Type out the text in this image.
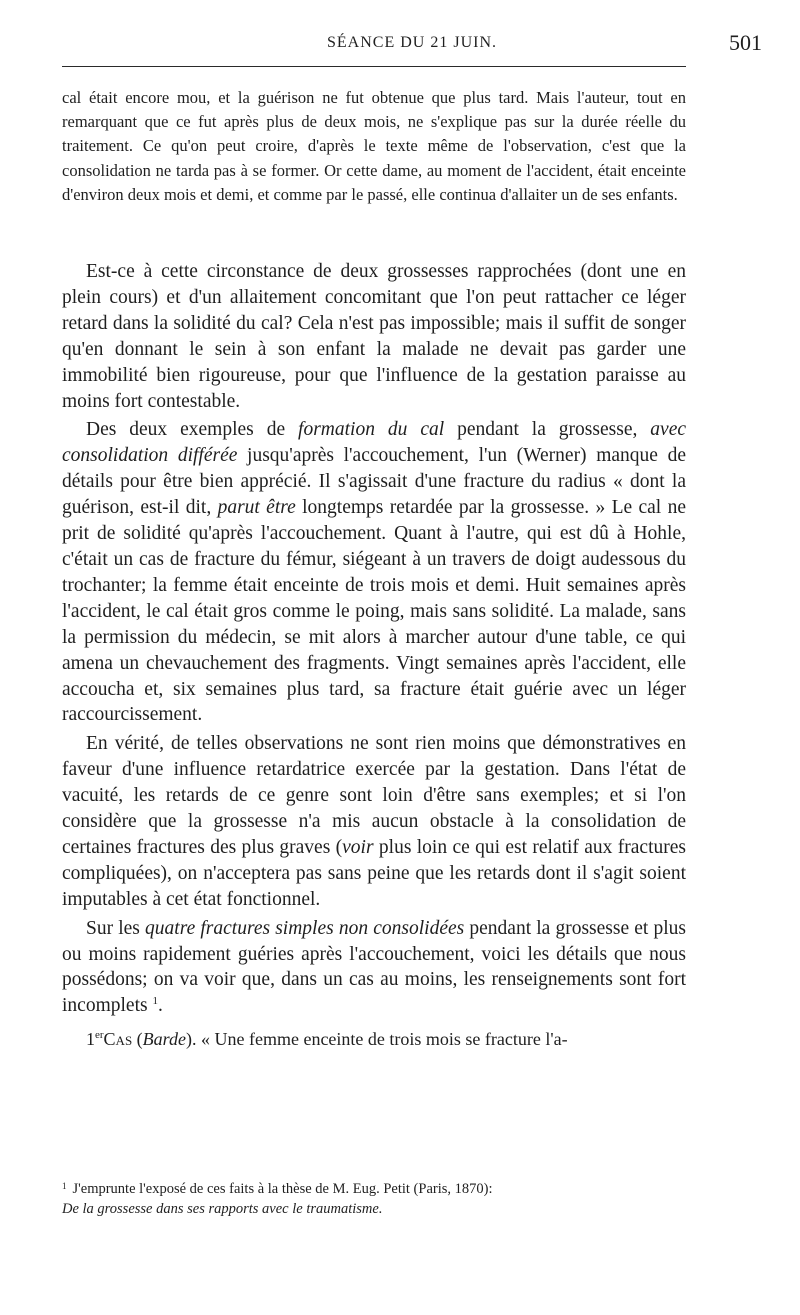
SÉANCE DU 21 JUIN.	501

cal était encore mou, et la guérison ne fut obtenue que plus tard. Mais l'auteur, tout en remarquant que ce fut après plus de deux mois, ne s'explique pas sur la durée réelle du traitement. Ce qu'on peut croire, d'après le texte même de l'observation, c'est que la consolidation ne tarda pas à se former. Or cette dame, au moment de l'accident, était enceinte d'environ deux mois et demi, et comme par le passé, elle continua d'allaiter un de ses enfants.

Est-ce à cette circonstance de deux grossesses rapprochées (dont une en plein cours) et d'un allaitement concomitant que l'on peut rattacher ce léger retard dans la solidité du cal? Cela n'est pas impossible; mais il suffit de songer qu'en donnant le sein à son enfant la malade ne devait pas garder une immobilité bien rigoureuse, pour que l'influence de la gestation paraisse au moins fort contestable.

Des deux exemples de formation du cal pendant la grossesse, avec consolidation différée jusqu'après l'accouchement, l'un (Werner) manque de détails pour être bien apprécié. Il s'agissait d'une fracture du radius « dont la guérison, est-il dit, parut être longtemps retardée par la grossesse. » Le cal ne prit de solidité qu'après l'accouchement. Quant à l'autre, qui est dû à Hohle, c'était un cas de fracture du fémur, siégeant à un travers de doigt audessous du trochanter; la femme était enceinte de trois mois et demi. Huit semaines après l'accident, le cal était gros comme le poing, mais sans solidité. La malade, sans la permission du médecin, se mit alors à marcher autour d'une table, ce qui amena un chevauchement des fragments. Vingt semaines après l'accident, elle accoucha et, six semaines plus tard, sa fracture était guérie avec un léger raccourcissement.

En vérité, de telles observations ne sont rien moins que démonstratives en faveur d'une influence retardatrice exercée par la gestation. Dans l'état de vacuité, les retards de ce genre sont loin d'être sans exemples; et si l'on considère que la grossesse n'a mis aucun obstacle à la consolidation de certaines fractures des plus graves (voir plus loin ce qui est relatif aux fractures compliquées), on n'acceptera pas sans peine que les retards dont il s'agit soient imputables à cet état fonctionnel.

Sur les quatre fractures simples non consolidées pendant la grossesse et plus ou moins rapidement guéries après l'accouchement, voici les détails que nous possédons; on va voir que, dans un cas au moins, les renseignements sont fort incomplets $^1$.

1erCas (Barde). « Une femme enceinte de trois mois se fracture l'a-

$^1$ J'emprunte l'exposé de ces faits à la thèse de M. Eug. Petit (Paris, 1870):

De la grossesse dans ses rapports avec le traumatisme.
